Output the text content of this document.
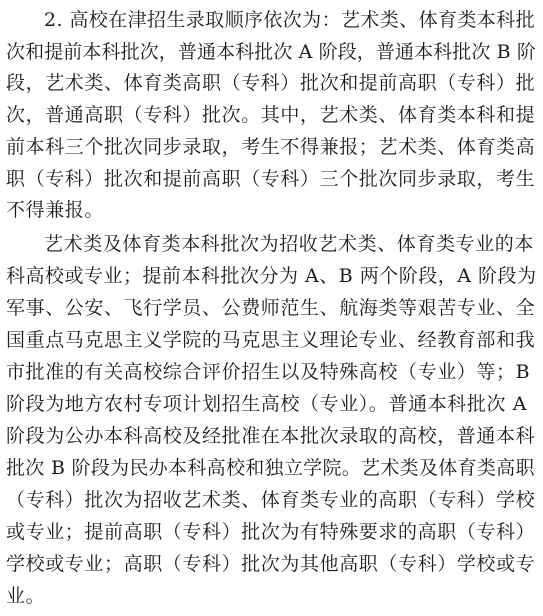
2. 高校在津招生录取顺序依次为：艺术类、体育类本科批
次和提前本科批次，普通本科批次 A 阶段，普通本科批次 B 阶
段，艺术类、体育类高职（专科）批次和提前高职（专科）批
次，普通高职（专科）批次。其中，艺术类、体育类本科和提
前本科三个批次同步录取，考生不得兼报；艺术类、体育类高
职（专科）批次和提前高职（专科）三个批次同步录取，考生
不得兼报。
艺术类及体育类本科批次为招收艺术类、体育类专业的本
科高校或专业；提前本科批次分为 A、B 两个阶段，A 阶段为
军事、公安、飞行学员、公费师范生、航海类等艰苦专业、全
国重点马克思主义学院的马克思主义理论专业、经教育部和我
市批准的有关高校综合评价招生以及特殊高校（专业）等；B
阶段为地方农村专项计划招生高校（专业）。普通本科批次 A
阶段为公办本科高校及经批准在本批次录取的高校，普通本科
批次 B 阶段为民办本科高校和独立学院。艺术类及体育类高职
（专科）批次为招收艺术类、体育类专业的高职（专科）学校
或专业；提前高职（专科）批次为有特殊要求的高职（专科）
学校或专业；高职（专科）批次为其他高职（专科）学校或专
业。
